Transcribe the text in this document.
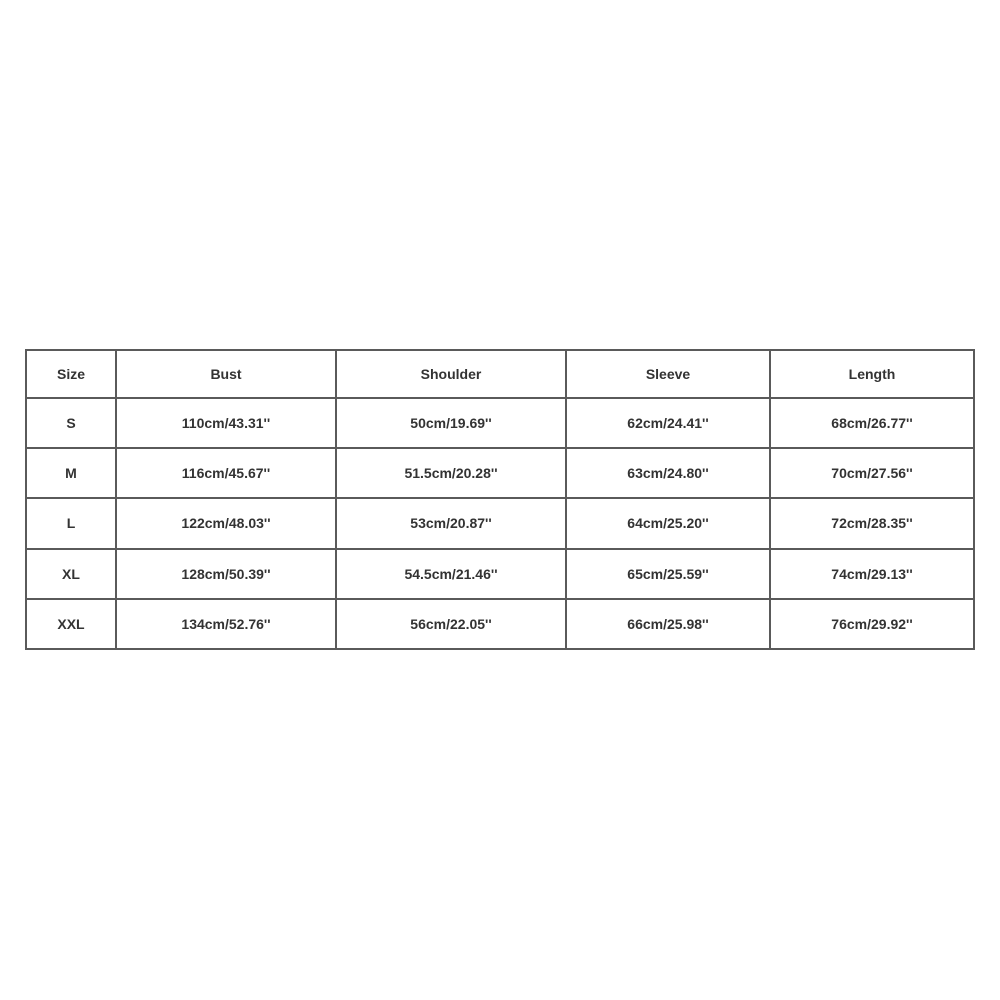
Size	Bust	Shoulder	Sleeve	Length
S	110cm/43.31''	50cm/19.69''	62cm/24.41''	68cm/26.77''
M	116cm/45.67''	51.5cm/20.28''	63cm/24.80''	70cm/27.56''
L	122cm/48.03''	53cm/20.87''	64cm/25.20''	72cm/28.35''
XL	128cm/50.39''	54.5cm/21.46''	65cm/25.59''	74cm/29.13''
XXL	134cm/52.76''	56cm/22.05''	66cm/25.98''	76cm/29.92''
